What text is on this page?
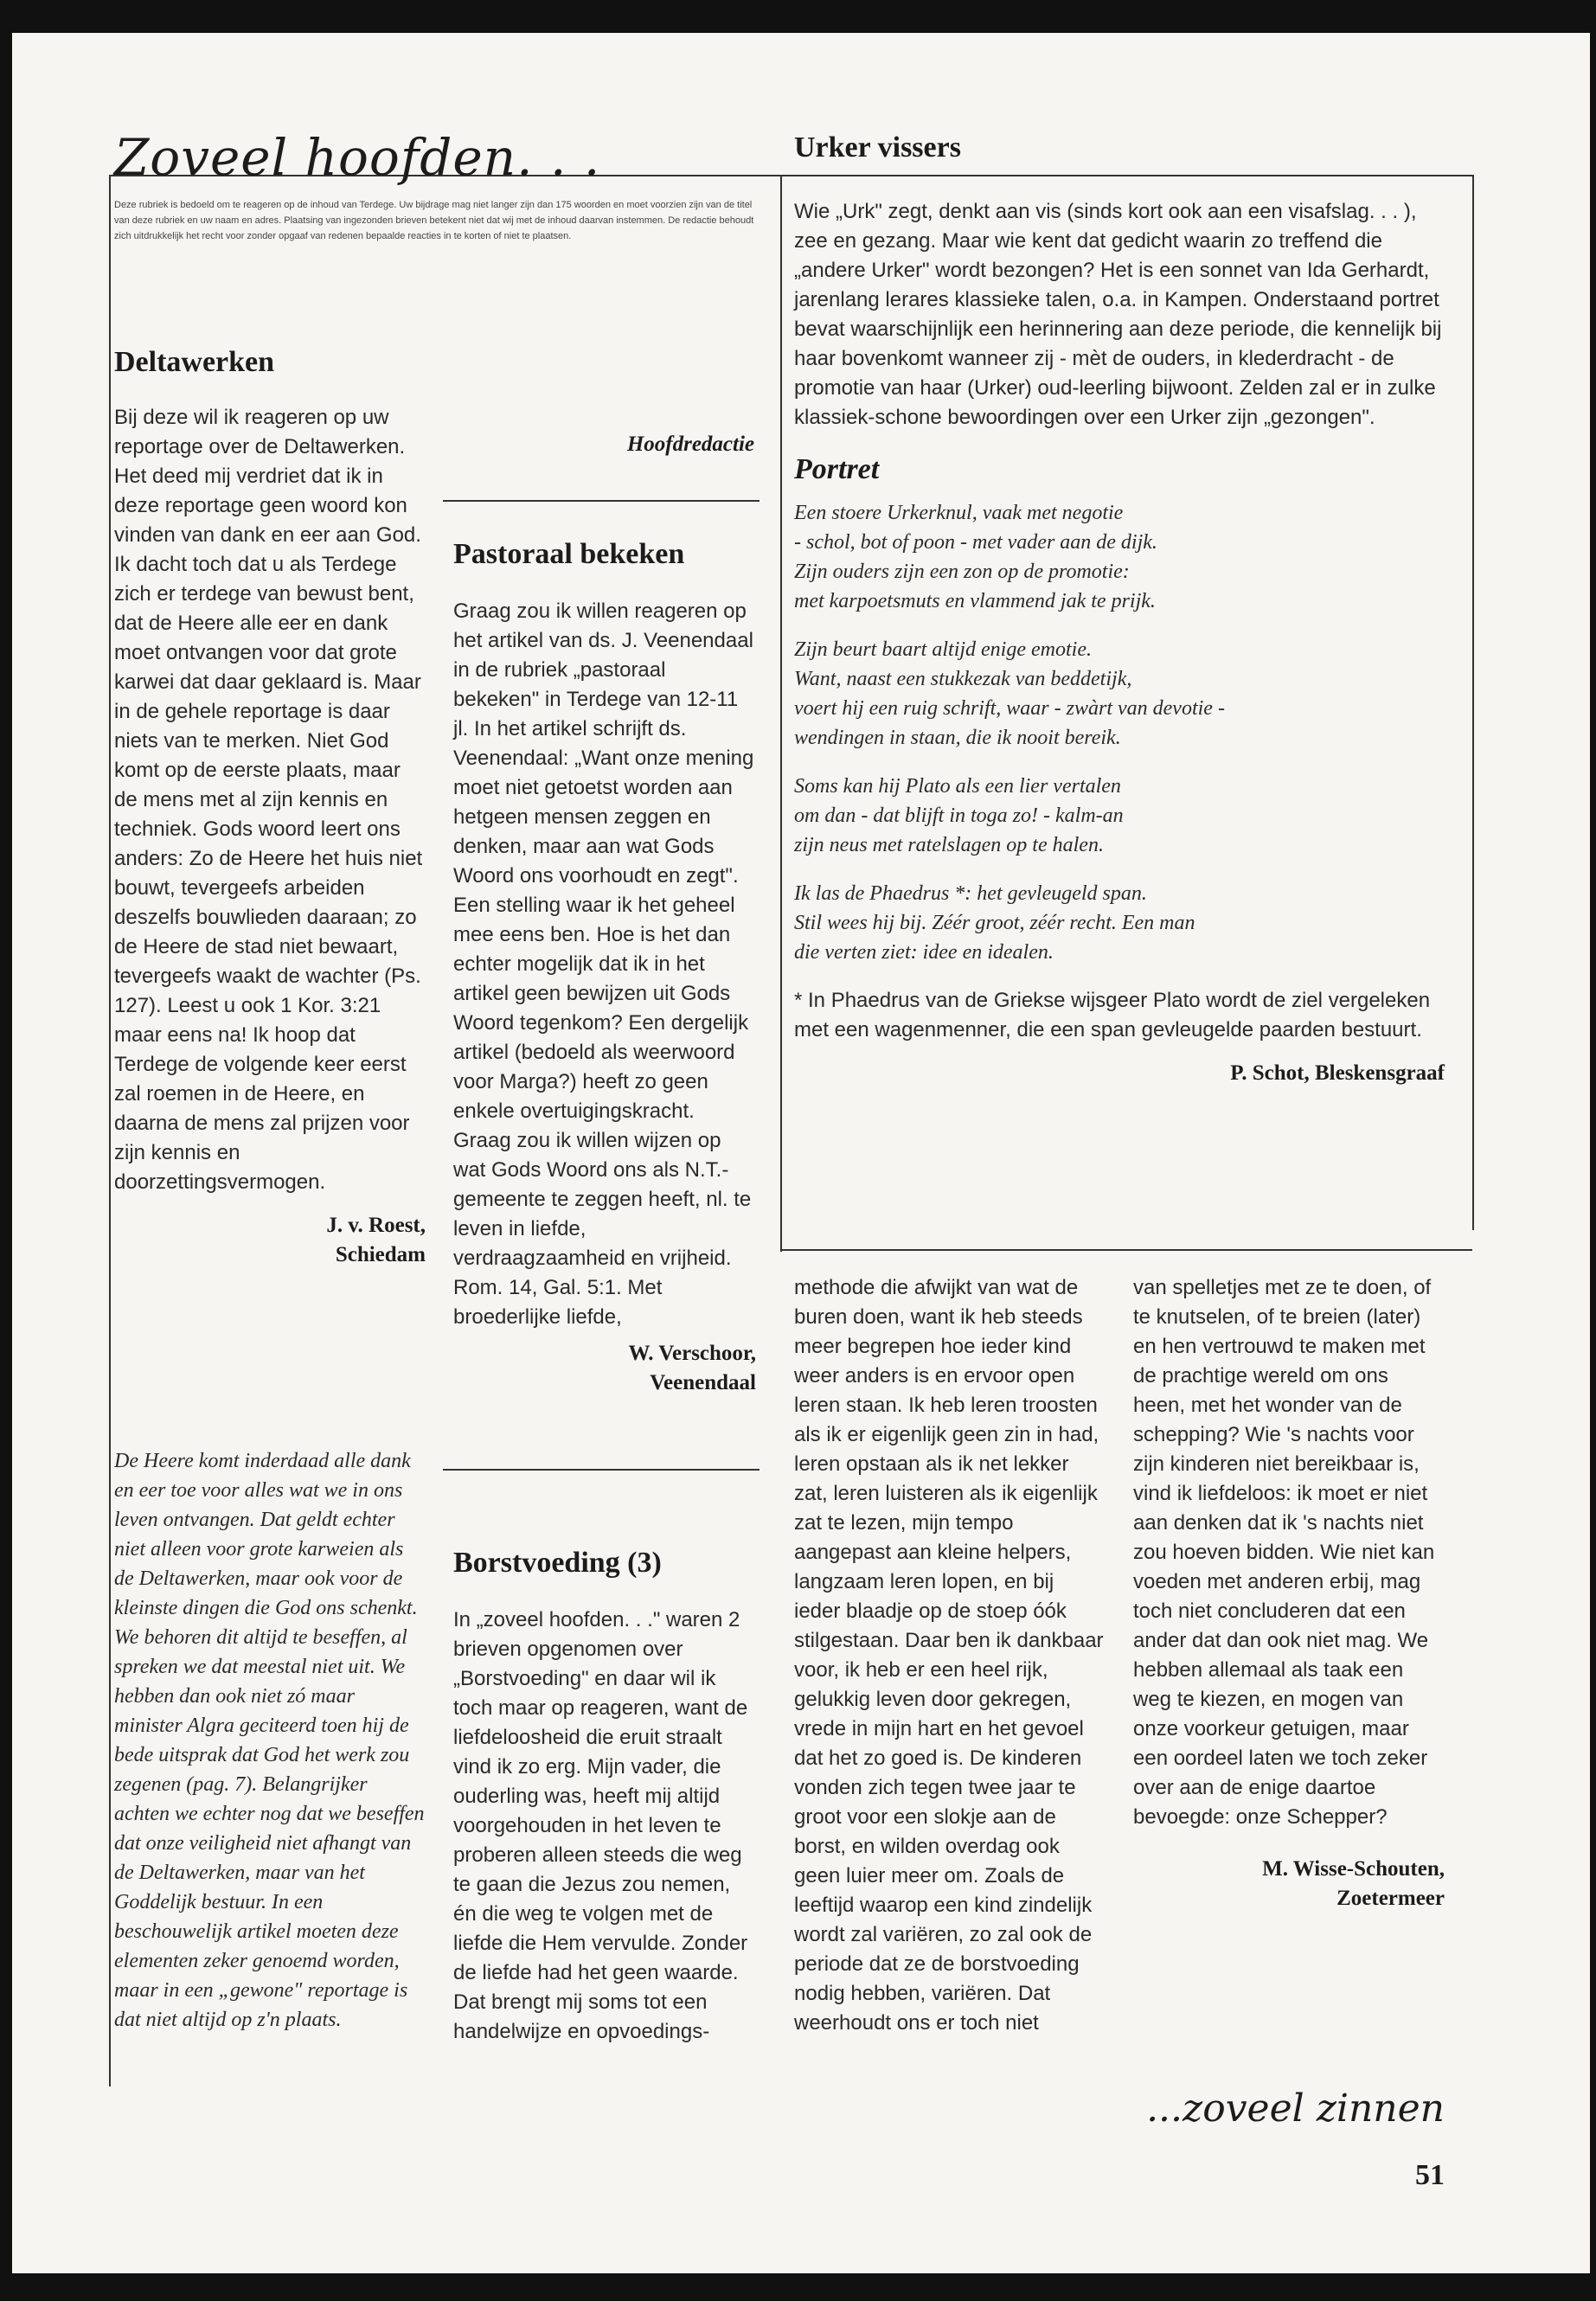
Zoveel hoofden. . .

Deze rubriek is bedoeld om te reageren op de inhoud van Terdege. Uw bijdrage mag niet langer zijn dan 175 woorden en moet voorzien zijn van de titel van deze rubriek en uw naam en adres. Plaatsing van ingezonden brieven betekent niet dat wij met de inhoud daarvan instemmen. De redactie behoudt zich uitdrukkelijk het recht voor zonder opgaaf van redenen bepaalde reacties in te korten of niet te plaatsen.

Deltawerken

Bij deze wil ik reageren op uw reportage over de Deltawerken. Het deed mij verdriet dat ik in deze reportage geen woord kon vinden van dank en eer aan God. Ik dacht toch dat u als Terdege zich er terdege van bewust bent, dat de Heere alle eer en dank moet ontvangen voor dat grote karwei dat daar geklaard is. Maar in de gehele reportage is daar niets van te merken. Niet God komt op de eerste plaats, maar de mens met al zijn kennis en techniek. Gods woord leert ons anders: Zo de Heere het huis niet bouwt, tevergeefs arbeiden deszelfs bouwlieden daaraan; zo de Heere de stad niet bewaart, tevergeefs waakt de wachter (Ps. 127). Leest u ook 1 Kor. 3:21 maar eens na! Ik hoop dat Terdege de volgende keer eerst zal roemen in de Heere, en daarna de mens zal prijzen voor zijn kennis en doorzettingsvermogen.

J. v. Roest,

Schiedam

De Heere komt inderdaad alle dank en eer toe voor alles wat we in ons leven ontvangen. Dat geldt echter niet alleen voor grote karweien als de Deltawerken, maar ook voor de kleinste dingen die God ons schenkt. We behoren dit altijd te beseffen, al spreken we dat meestal niet uit. We hebben dan ook niet zó maar minister Algra geciteerd toen hij de bede uitsprak dat God het werk zou zegenen (pag. 7). Belangrijker achten we echter nog dat we beseffen dat onze veiligheid niet afhangt van de Deltawerken, maar van het Goddelijk bestuur. In een beschouwelijk artikel moeten deze elementen zeker genoemd worden, maar in een „gewone" reportage is dat niet altijd op z'n plaats.

Hoofdredactie

Pastoraal bekeken

Graag zou ik willen reageren op het artikel van ds. J. Veenendaal in de rubriek „pastoraal bekeken" in Terdege van 12-11 jl. In het artikel schrijft ds. Veenendaal: „Want onze mening moet niet getoetst worden aan hetgeen mensen zeggen en denken, maar aan wat Gods Woord ons voorhoudt en zegt". Een stelling waar ik het geheel mee eens ben. Hoe is het dan echter mogelijk dat ik in het artikel geen bewijzen uit Gods Woord tegenkom? Een dergelijk artikel (bedoeld als weerwoord voor Marga?) heeft zo geen enkele overtuigingskracht. Graag zou ik willen wijzen op wat Gods Woord ons als N.T.-gemeente te zeggen heeft, nl. te leven in liefde, verdraagzaamheid en vrijheid. Rom. 14, Gal. 5:1. Met broederlijke liefde,

W. Verschoor,

Veenendaal

Borstvoeding (3)

In „zoveel hoofden. . ." waren 2 brieven opgenomen over „Borstvoeding" en daar wil ik toch maar op reageren, want de liefdeloosheid die eruit straalt vind ik zo erg. Mijn vader, die ouderling was, heeft mij altijd voorgehouden in het leven te proberen alleen steeds die weg te gaan die Jezus zou nemen, én die weg te volgen met de liefde die Hem vervulde. Zonder de liefde had het geen waarde. Dat brengt mij soms tot een handelwijze en opvoedings-

methode die afwijkt van wat de buren doen, want ik heb steeds meer begrepen hoe ieder kind weer anders is en ervoor open leren staan. Ik heb leren troosten als ik er eigenlijk geen zin in had, leren opstaan als ik net lekker zat, leren luisteren als ik eigenlijk zat te lezen, mijn tempo aangepast aan kleine helpers, langzaam leren lopen, en bij ieder blaadje op de stoep óók stilgestaan. Daar ben ik dankbaar voor, ik heb er een heel rijk, gelukkig leven door gekregen, vrede in mijn hart en het gevoel dat het zo goed is. De kinderen vonden zich tegen twee jaar te groot voor een slokje aan de borst, en wilden overdag ook geen luier meer om. Zoals de leeftijd waarop een kind zindelijk wordt zal variëren, zo zal ook de periode dat ze de borstvoeding nodig hebben, variëren. Dat weerhoudt ons er toch niet

van spelletjes met ze te doen, of te knutselen, of te breien (later) en hen vertrouwd te maken met de prachtige wereld om ons heen, met het wonder van de schepping? Wie 's nachts voor zijn kinderen niet bereikbaar is, vind ik liefdeloos: ik moet er niet aan denken dat ik 's nachts niet zou hoeven bidden. Wie niet kan voeden met anderen erbij, mag toch niet concluderen dat een ander dat dan ook niet mag. We hebben allemaal als taak een weg te kiezen, en mogen van onze voorkeur getuigen, maar een oordeel laten we toch zeker over aan de enige daartoe bevoegde: onze Schepper?

M. Wisse-Schouten,

Zoetermeer

Urker vissers

Wie „Urk" zegt, denkt aan vis (sinds kort ook aan een visafslag. . . ), zee en gezang. Maar wie kent dat gedicht waarin zo treffend die „andere Urker" wordt bezongen? Het is een sonnet van Ida Gerhardt, jarenlang lerares klassieke talen, o.a. in Kampen. Onderstaand portret bevat waarschijnlijk een herinnering aan deze periode, die kennelijk bij haar bovenkomt wanneer zij - mèt de ouders, in klederdracht - de promotie van haar (Urker) oud-leerling bijwoont. Zelden zal er in zulke klassiek-schone bewoordingen over een Urker zijn „gezongen".

Portret

Een stoere Urkerknul, vaak met negotie

- schol, bot of poon - met vader aan de dijk.

Zijn ouders zijn een zon op de promotie:

met karpoetsmuts en vlammend jak te prijk.

Zijn beurt baart altijd enige emotie.

Want, naast een stukkezak van beddetijk,

voert hij een ruig schrift, waar - zwàrt van devotie -

wendingen in staan, die ik nooit bereik.

Soms kan hij Plato als een lier vertalen

om dan - dat blijft in toga zo! - kalm-an

zijn neus met ratelslagen op te halen.

Ik las de Phaedrus *: het gevleugeld span.

Stil wees hij bij. Zéér groot, zéér recht. Een man

die verten ziet: idee en idealen.

* In Phaedrus van de Griekse wijsgeer Plato wordt de ziel vergeleken met een wagenmenner, die een span gevleugelde paarden bestuurt.

P. Schot, Bleskensgraaf

...zoveel zinnen

51
